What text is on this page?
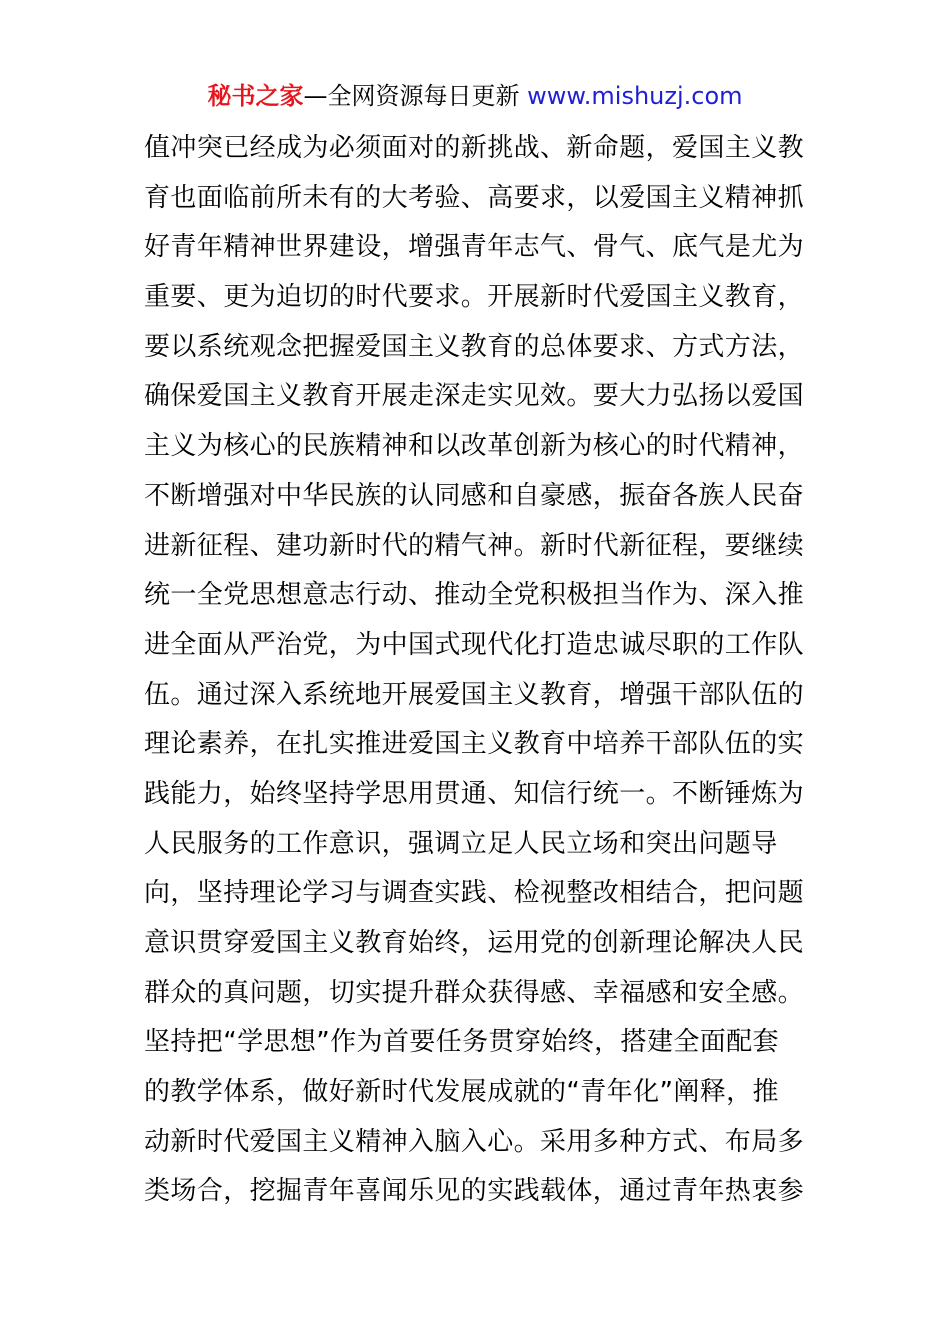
秘书之家—全网资源每日更新 www.mishuzj.com
值冲突已经成为必须面对的新挑战、新命题，爱国主义教
育也面临前所未有的大考验、高要求，以爱国主义精神抓
好青年精神世界建设，增强青年志气、骨气、底气是尤为
重要、更为迫切的时代要求。开展新时代爱国主义教育，
要以系统观念把握爱国主义教育的总体要求、方式方法，
确保爱国主义教育开展走深走实见效。要大力弘扬以爱国
主义为核心的民族精神和以改革创新为核心的时代精神，
不断增强对中华民族的认同感和自豪感，振奋各族人民奋
进新征程、建功新时代的精气神。新时代新征程，要继续
统一全党思想意志行动、推动全党积极担当作为、深入推
进全面从严治党，为中国式现代化打造忠诚尽职的工作队
伍。通过深入系统地开展爱国主义教育，增强干部队伍的
理论素养，在扎实推进爱国主义教育中培养干部队伍的实
践能力，始终坚持学思用贯通、知信行统一。不断锤炼为
人民服务的工作意识，强调立足人民立场和突出问题导
向，坚持理论学习与调查实践、检视整改相结合，把问题
意识贯穿爱国主义教育始终，运用党的创新理论解决人民
群众的真问题，切实提升群众获得感、幸福感和安全感。
坚持把“学思想”作为首要任务贯穿始终，搭建全面配套
的教学体系，做好新时代发展成就的“青年化”阐释，推
动新时代爱国主义精神入脑入心。采用多种方式、布局多
类场合，挖掘青年喜闻乐见的实践载体，通过青年热衷参
